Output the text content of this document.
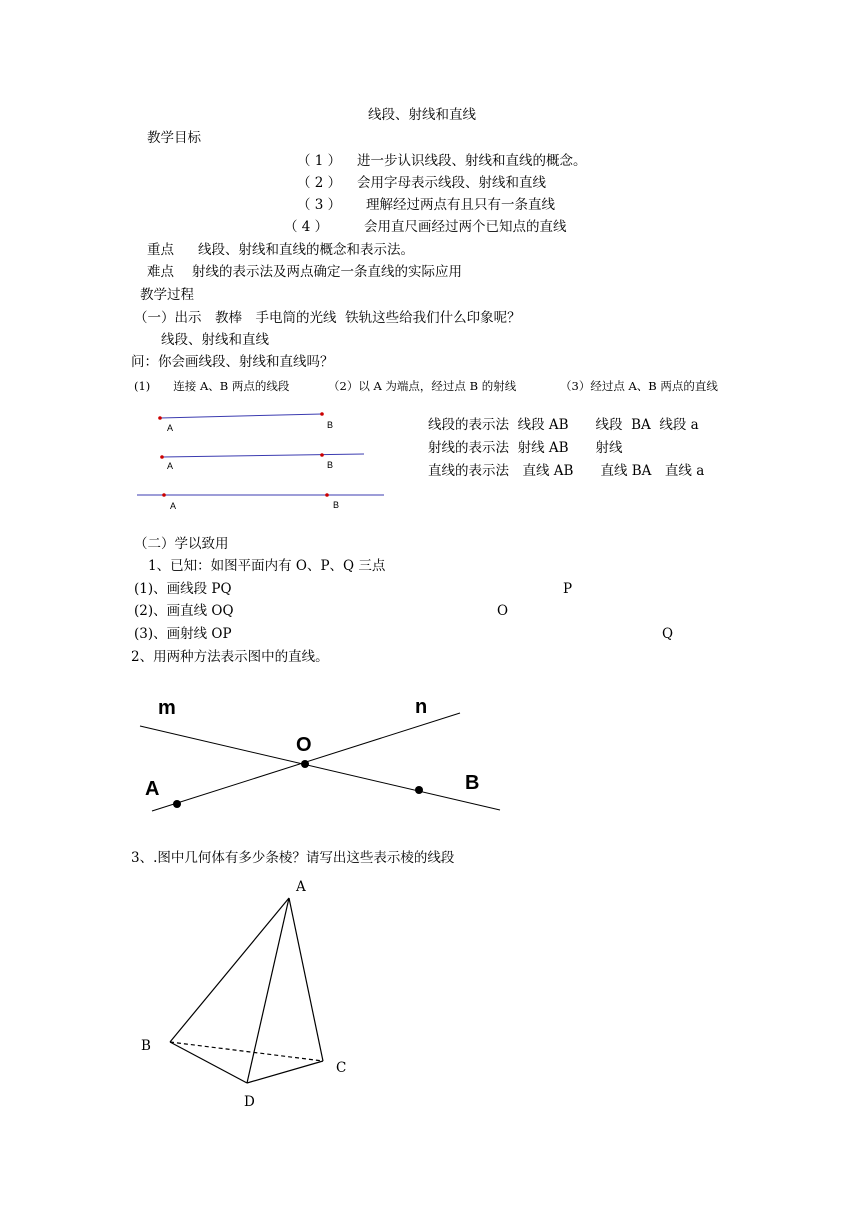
线段、射线和直线
教学目标
（ 1 ） 进一步认识线段、射线和直线的概念。
（ 2 ） 会用字母表示线段、射线和直线
（ 3 ） 理解经过两点有且只有一条直线
（ 4 ）	会用直尺画经过两个已知点的直线
重点 线段、射线和直线的概念和表示法。
难点 射线的表示法及两点确定一条直线的实际应用
教学过程
（一）出示　教棒　手电筒的光线  铁轨这些给我们什么印象呢？
线段、射线和直线
问：你会画线段、射线和直线吗？
(1)　　连接 A、B 两点的线段	（2）以 A 为端点，经过点 B 的射线	（3）经过点 A、B 两点的直线
A	B
A	B
A	B
线段的表示法  线段 AB　　线段  BA  线段 a
射线的表示法  射线 AB　　射线
直线的表示法　直线 AB　　直线 BA　直线 a
（二）学以致用
1、已知：如图平面内有 O、P、Q 三点
(1)、画线段 PQ
(2)、画直线 OQ
(3)、画射线 OP
P
O
Q
2、用两种方法表示图中的直线。
m	n
O
A	B
3、.图中几何体有多少条棱？请写出这些表示棱的线段
A
B
C
D
